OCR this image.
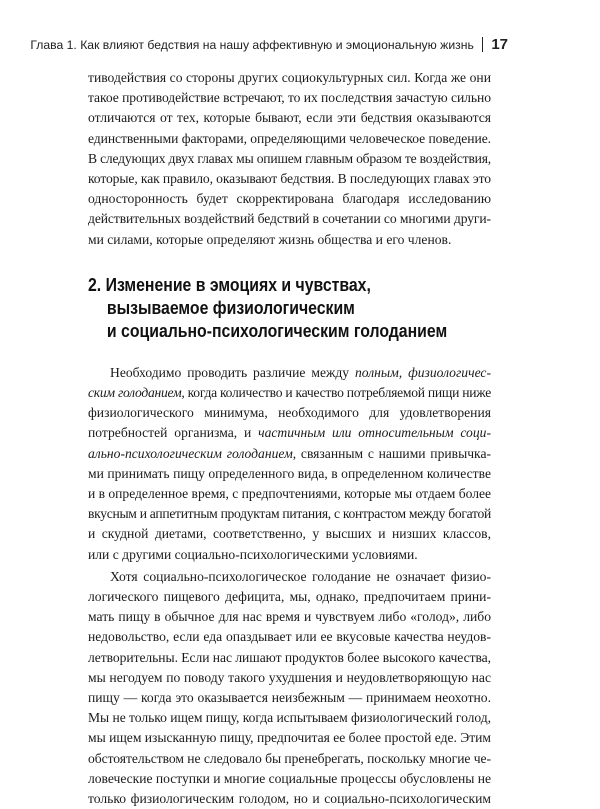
Глава 1. Как влияют бедствия на нашу аффективную и эмоциональную жизнь 17

тиводействия со стороны других социокультурных сил. Когда же они
такое противодействие встречают, то их последствия зачастую сильно
отличаются от тех, которые бывают, если эти бедствия оказываются
единственными факторами, определяющими человеческое поведение.
В следующих двух главах мы опишем главным образом те воздействия,
которые, как правило, оказывают бедствия. В последующих главах это
односторонность будет скорректирована благодаря исследованию
действительных воздействий бедствий в сочетании со многими други-
ми силами, которые определяют жизнь общества и его членов.

2. Изменение в эмоциях и чувствах,
вызываемое физиологическим
и социально-психологическим голоданием

Необходимо проводить различие между полным, физиологичес-
ским голоданием, когда количество и качество потребляемой пищи ниже
физиологического минимума, необходимого для удовлетворения
потребностей организма, и частичным или относительным соци-
ально-психологическим голоданием, связанным с нашими привычка-
ми принимать пищу определенного вида, в определенном количестве
и в определенное время, с предпочтениями, которые мы отдаем более
вкусным и аппетитным продуктам питания, с контрастом между богатой
и скудной диетами, соответственно, у высших и низших классов,
или с другими социально-психологическими условиями.

Хотя социально-психологическое голодание не означает физио-
логического пищевого дефицита, мы, однако, предпочитаем прини-
мать пищу в обычное для нас время и чувствуем либо «голод», либо
недовольство, если еда опаздывает или ее вкусовые качества неудов-
летворительны. Если нас лишают продуктов более высокого качества,
мы негодуем по поводу такого ухудшения и неудовлетворяющую нас
пищу — когда это оказывается неизбежным — принимаем неохотно.
Мы не только ищем пищу, когда испытываем физиологический голод,
мы ищем изысканную пищу, предпочитая ее более простой еде. Этим
обстоятельством не следовало бы пренебрегать, поскольку многие че-
ловеческие поступки и многие социальные процессы обусловлены не
только физиологическим голодом, но и социально-психологическим
